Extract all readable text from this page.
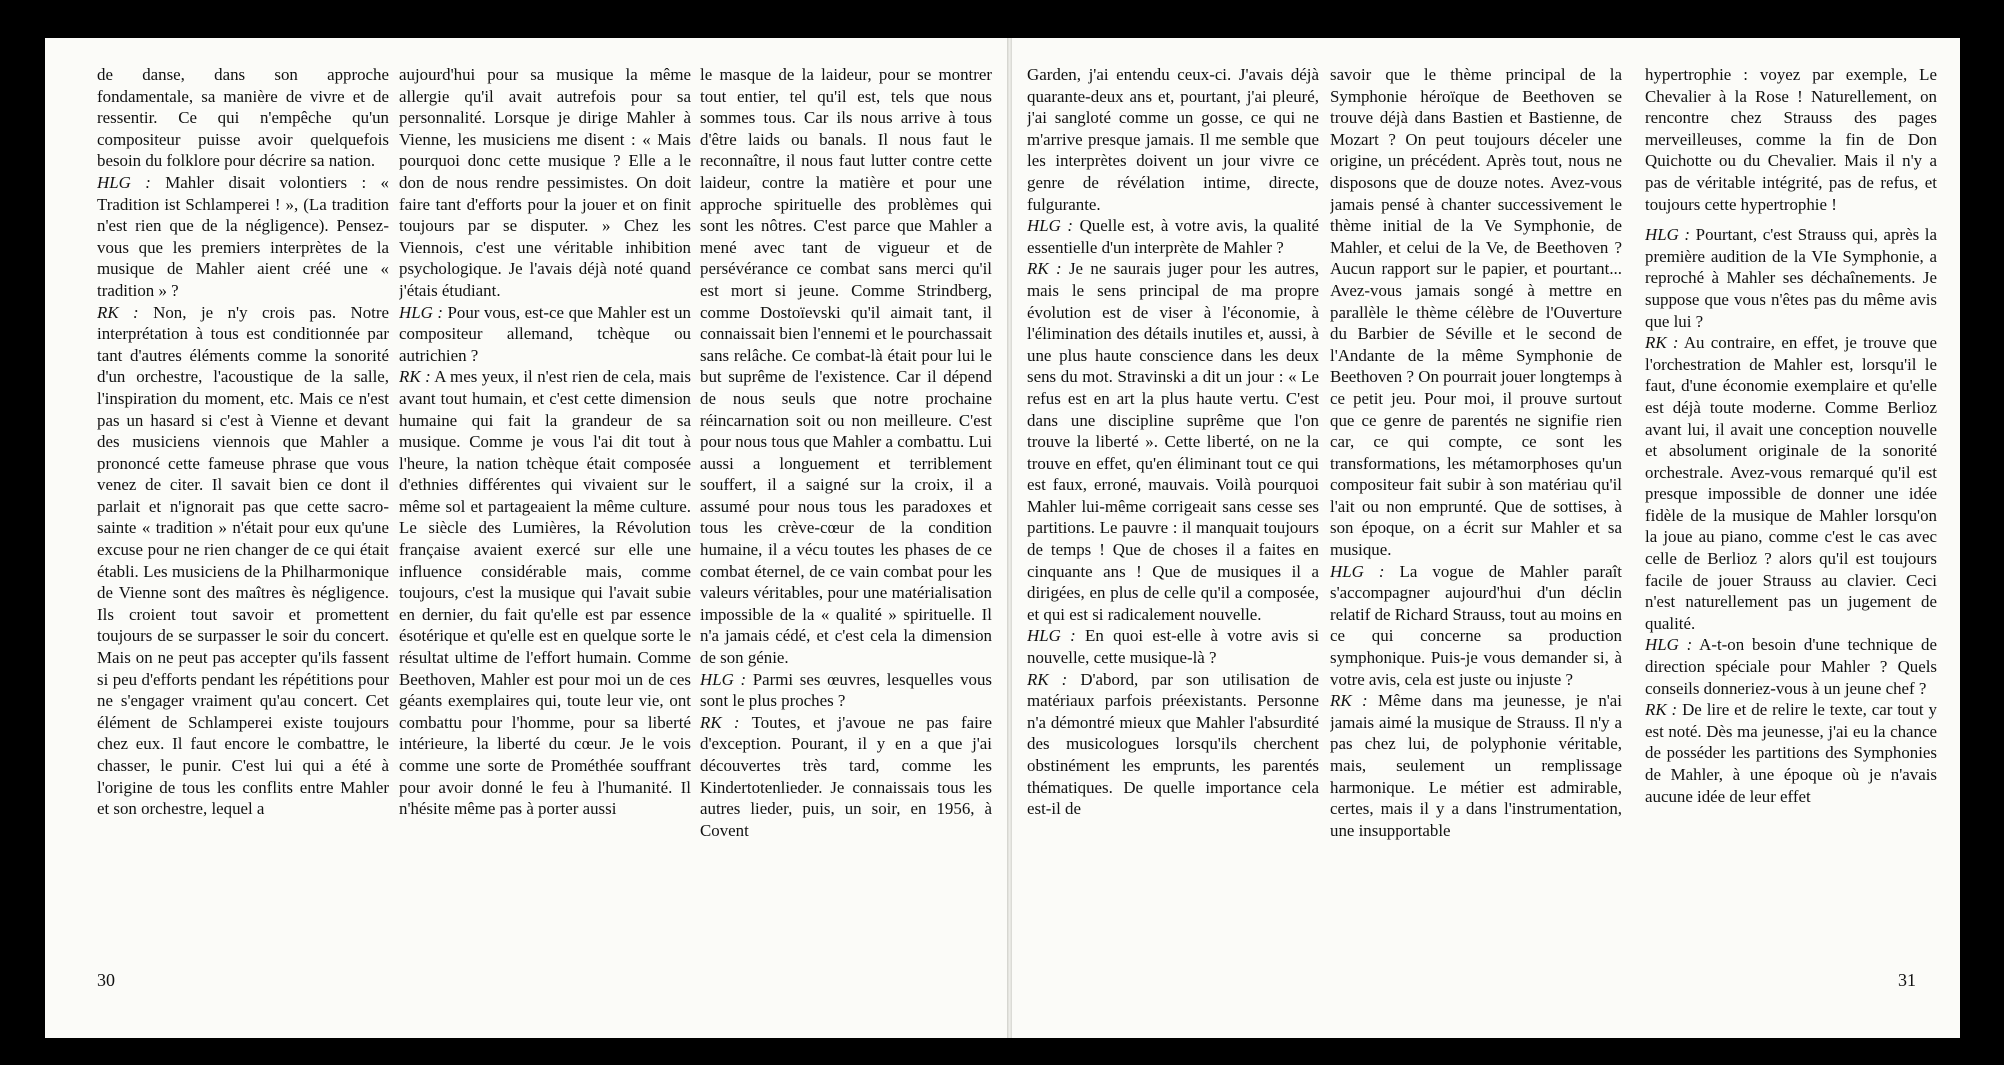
de danse, dans son approche fondamentale, sa manière de vivre et de ressentir. Ce qui n'empêche qu'un compositeur puisse avoir quelquefois besoin du folklore pour décrire sa nation.

HLG : Mahler disait volontiers : « Tradition ist Schlamperei ! », (La tradition n'est rien que de la négligence). Pensez-vous que les premiers interprètes de la musique de Mahler aient créé une « tradition » ?

RK : Non, je n'y crois pas. Notre interprétation à tous est conditionnée par tant d'autres éléments comme la sonorité d'un orchestre, l'acoustique de la salle, l'inspiration du moment, etc. Mais ce n'est pas un hasard si c'est à Vienne et devant des musiciens viennois que Mahler a prononcé cette fameuse phrase que vous venez de citer. Il savait bien ce dont il parlait et n'ignorait pas que cette sacro-sainte « tradition » n'était pour eux qu'une excuse pour ne rien changer de ce qui était établi. Les musiciens de la Philharmonique de Vienne sont des maîtres ès négligence. Ils croient tout savoir et promettent toujours de se surpasser le soir du concert. Mais on ne peut pas accepter qu'ils fassent si peu d'efforts pendant les répétitions pour ne s'engager vraiment qu'au concert. Cet élément de Schlamperei existe toujours chez eux. Il faut encore le combattre, le chasser, le punir. C'est lui qui a été à l'origine de tous les conflits entre Mahler et son orchestre, lequel a

aujourd'hui pour sa musique la même allergie qu'il avait autrefois pour sa personnalité. Lorsque je dirige Mahler à Vienne, les musiciens me disent : « Mais pourquoi donc cette musique ? Elle a le don de nous rendre pessimistes. On doit faire tant d'efforts pour la jouer et on finit toujours par se disputer. » Chez les Viennois, c'est une véritable inhibition psychologique. Je l'avais déjà noté quand j'étais étudiant.

HLG : Pour vous, est-ce que Mahler est un compositeur allemand, tchèque ou autrichien ?

RK : A mes yeux, il n'est rien de cela, mais avant tout humain, et c'est cette dimension humaine qui fait la grandeur de sa musique. Comme je vous l'ai dit tout à l'heure, la nation tchèque était composée d'ethnies différentes qui vivaient sur le même sol et partageaient la même culture. Le siècle des Lumières, la Révolution française avaient exercé sur elle une influence considérable mais, comme toujours, c'est la musique qui l'avait subie en dernier, du fait qu'elle est par essence ésotérique et qu'elle est en quelque sorte le résultat ultime de l'effort humain. Comme Beethoven, Mahler est pour moi un de ces géants exemplaires qui, toute leur vie, ont combattu pour l'homme, pour sa liberté intérieure, la liberté du cœur. Je le vois comme une sorte de Prométhée souffrant pour avoir donné le feu à l'humanité. Il n'hésite même pas à porter aussi

le masque de la laideur, pour se montrer tout entier, tel qu'il est, tels que nous sommes tous. Car ils nous arrive à tous d'être laids ou banals. Il nous faut le reconnaître, il nous faut lutter contre cette laideur, contre la matière et pour une approche spirituelle des problèmes qui sont les nôtres. C'est parce que Mahler a mené avec tant de vigueur et de persévérance ce combat sans merci qu'il est mort si jeune. Comme Strindberg, comme Dostoïevski qu'il aimait tant, il connaissait bien l'ennemi et le pourchassait sans relâche. Ce combat-là était pour lui le but suprême de l'existence. Car il dépend de nous seuls que notre prochaine réincarnation soit ou non meilleure. C'est pour nous tous que Mahler a combattu. Lui aussi a longuement et terriblement souffert, il a saigné sur la croix, il a assumé pour nous tous les paradoxes et tous les crève-cœur de la condition humaine, il a vécu toutes les phases de ce combat éternel, de ce vain combat pour les valeurs véritables, pour une matérialisation impossible de la « qualité » spirituelle. Il n'a jamais cédé, et c'est cela la dimension de son génie.

HLG : Parmi ses œuvres, lesquelles vous sont le plus proches ?

RK : Toutes, et j'avoue ne pas faire d'exception. Pourant, il y en a que j'ai découvertes très tard, comme les Kindertotenlieder. Je connaissais tous les autres lieder, puis, un soir, en 1956, à Covent

Garden, j'ai entendu ceux-ci. J'avais déjà quarante-deux ans et, pourtant, j'ai pleuré, j'ai sangloté comme un gosse, ce qui ne m'arrive presque jamais. Il me semble que les interprètes doivent un jour vivre ce genre de révélation intime, directe, fulgurante.

HLG : Quelle est, à votre avis, la qualité essentielle d'un interprète de Mahler ?

RK : Je ne saurais juger pour les autres, mais le sens principal de ma propre évolution est de viser à l'économie, à l'élimination des détails inutiles et, aussi, à une plus haute conscience dans les deux sens du mot. Stravinski a dit un jour : « Le refus est en art la plus haute vertu. C'est dans une discipline suprême que l'on trouve la liberté ». Cette liberté, on ne la trouve en effet, qu'en éliminant tout ce qui est faux, erroné, mauvais. Voilà pourquoi Mahler lui-même corrigeait sans cesse ses partitions. Le pauvre : il manquait toujours de temps ! Que de choses il a faites en cinquante ans ! Que de musiques il a dirigées, en plus de celle qu'il a composée, et qui est si radicalement nouvelle.

HLG : En quoi est-elle à votre avis si nouvelle, cette musique-là ?

RK : D'abord, par son utilisation de matériaux parfois préexistants. Personne n'a démontré mieux que Mahler l'absurdité des musicologues lorsqu'ils cherchent obstinément les emprunts, les parentés thématiques. De quelle importance cela est-il de

savoir que le thème principal de la Symphonie héroïque de Beethoven se trouve déjà dans Bastien et Bastienne, de Mozart ? On peut toujours déceler une origine, un précédent. Après tout, nous ne disposons que de douze notes. Avez-vous jamais pensé à chanter successivement le thème initial de la Ve Symphonie, de Mahler, et celui de la Ve, de Beethoven ? Aucun rapport sur le papier, et pourtant... Avez-vous jamais songé à mettre en parallèle le thème célèbre de l'Ouverture du Barbier de Séville et le second de l'Andante de la même Symphonie de Beethoven ? On pourrait jouer longtemps à ce petit jeu. Pour moi, il prouve surtout que ce genre de parentés ne signifie rien car, ce qui compte, ce sont les transformations, les métamorphoses qu'un compositeur fait subir à son matériau qu'il l'ait ou non emprunté. Que de sottises, à son époque, on a écrit sur Mahler et sa musique.

HLG : La vogue de Mahler paraît s'accompagner aujourd'hui d'un déclin relatif de Richard Strauss, tout au moins en ce qui concerne sa production symphonique. Puis-je vous demander si, à votre avis, cela est juste ou injuste ?

RK : Même dans ma jeunesse, je n'ai jamais aimé la musique de Strauss. Il n'y a pas chez lui, de polyphonie véritable, mais, seulement un remplissage harmonique. Le métier est admirable, certes, mais il y a dans l'instrumentation, une insupportable

hypertrophie : voyez par exemple, Le Chevalier à la Rose ! Naturellement, on rencontre chez Strauss des pages merveilleuses, comme la fin de Don Quichotte ou du Chevalier. Mais il n'y a pas de véritable intégrité, pas de refus, et toujours cette hypertrophie !

HLG : Pourtant, c'est Strauss qui, après la première audition de la VIe Symphonie, a reproché à Mahler ses déchaînements. Je suppose que vous n'êtes pas du même avis que lui ?

RK : Au contraire, en effet, je trouve que l'orchestration de Mahler est, lorsqu'il le faut, d'une économie exemplaire et qu'elle est déjà toute moderne. Comme Berlioz avant lui, il avait une conception nouvelle et absolument originale de la sonorité orchestrale. Avez-vous remarqué qu'il est presque impossible de donner une idée fidèle de la musique de Mahler lorsqu'on la joue au piano, comme c'est le cas avec celle de Berlioz ? alors qu'il est toujours facile de jouer Strauss au clavier. Ceci n'est naturellement pas un jugement de qualité.

HLG : A-t-on besoin d'une technique de direction spéciale pour Mahler ? Quels conseils donneriez-vous à un jeune chef ?

RK : De lire et de relire le texte, car tout y est noté. Dès ma jeunesse, j'ai eu la chance de posséder les partitions des Symphonies de Mahler, à une époque où je n'avais aucune idée de leur effet

30	31
